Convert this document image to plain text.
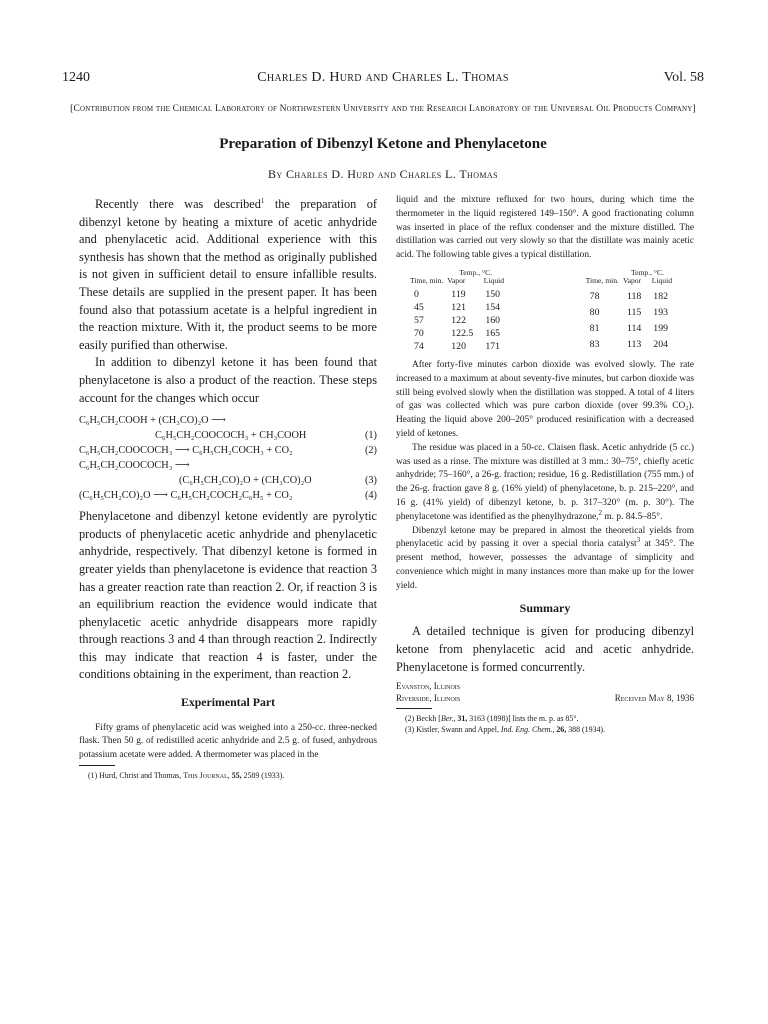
1240	Charles D. Hurd and Charles L. Thomas	Vol. 58
[Contribution from the Chemical Laboratory of Northwestern University and the Research Laboratory of the Universal Oil Products Company]
Preparation of Dibenzyl Ketone and Phenylacetone
By Charles D. Hurd and Charles L. Thomas

Recently there was described$^1$ the preparation of dibenzyl ketone by heating a mixture of acetic anhydride and phenylacetic acid. Additional experience with this synthesis has shown that the method as originally published is not given in sufficient detail to ensure infallible results. These details are supplied in the present paper. It has been found also that potassium acetate is a helpful ingredient in the reaction mixture. With it, the product seems to be more easily purified than otherwise.

In addition to dibenzyl ketone it has been found that phenylacetone is also a product of the reaction. These steps account for the changes which occur

C₆H₅CH₂COOH + (CH₃CO)₂O ⟶
C₆H₅CH₂COOCOCH₃ + CH₃COOH	(1)
C₆H₅CH₂COOCOCH₃ ⟶ C₆H₅CH₂COCH₃ + CO₂	(2)
C₆H₅CH₂COOCOCH₃ ⟶
(C₆H₅CH₂CO)₂O + (CH₃CO)₂O	(3)
(C₆H₅CH₂CO)₂O ⟶ C₆H₅CH₂COCH₂C₆H₅ + CO₂	(4)

Phenylacetone and dibenzyl ketone evidently are pyrolytic products of phenylacetic acetic anhydride and phenylacetic anhydride, respectively. That dibenzyl ketone is formed in greater yields than phenylacetone is evidence that reaction 3 has a greater reaction rate than reaction 2. Or, if reaction 3 is an equilibrium reaction the evidence would indicate that phenylacetic acetic anhydride disappears more rapidly through reactions 3 and 4 than through reaction 2. Indirectly this may indicate that reaction 4 is faster, under the conditions obtaining in the experiment, than reaction 2.

Experimental Part

Fifty grams of phenylacetic acid was weighed into a 250-cc. three-necked flask. Then 50 g. of redistilled acetic anhydride and 2.5 g. of fused, anhydrous potassium acetate were added. A thermometer was placed in the

(1) Hurd, Christ and Thomas, This Journal, 55, 2589 (1933).

liquid and the mixture refluxed for two hours, during which time the thermometer in the liquid registered 149–150°. A good fractionating column was inserted in place of the reflux condenser and the mixture distilled. The distillation was carried out very slowly so that the distillate was mainly acetic acid. The following table gives a typical distillation.

Time, min.	Temp., °C.
Vapor Liquid	

0	119	150
45	121	154
57	122	160
70	122.5	165
74	120	171
Time, min.	Temp., °C.
Vapor Liquid	

78	118	182
80	115	193
81	114	199
83	113	204

After forty-five minutes carbon dioxide was evolved slowly. The rate increased to a maximum at about seventy-five minutes, but carbon dioxide was still being evolved slowly when the distillation was stopped. A total of 4 liters of gas was collected which was pure carbon dioxide (over 99.3% CO₂). Heating the liquid above 200–205° produced resinification with a decreased yield of ketones.

The residue was placed in a 50-cc. Claisen flask. Acetic anhydride (5 cc.) was used as a rinse. The mixture was distilled at 3 mm.: 30–75°, chiefly acetic anhydride; 75–160°, a 26-g. fraction; residue, 16 g. Redistillation (755 mm.) of the 26-g. fraction gave 8 g. (16% yield) of phenylacetone, b. p. 215–220°, and 16 g. (41% yield) of dibenzyl ketone, b. p. 317–320° (m. p. 30°). The phenylacetone was identified as the phenylhydrazone,$^2$ m. p. 84.5–85°.

Dibenzyl ketone may be prepared in almost the theoretical yields from phenylacetic acid by passing it over a special thoria catalyst$^3$ at 345°. The present method, however, possesses the advantage of simplicity and convenience which might in many instances more than make up for the lower yield.

Summary

A detailed technique is given for producing dibenzyl ketone from phenylacetic acid and acetic anhydride. Phenylacetone is formed concurrently.

Evanston, Illinois
Riverside, Illinois	Received May 8, 1936
(2) Beckh [Ber., 31, 3163 (1898)] lists the m. p. as 85°.
(3) Kistler, Swann and Appel, Ind. Eng. Chem., 26, 388 (1934).
